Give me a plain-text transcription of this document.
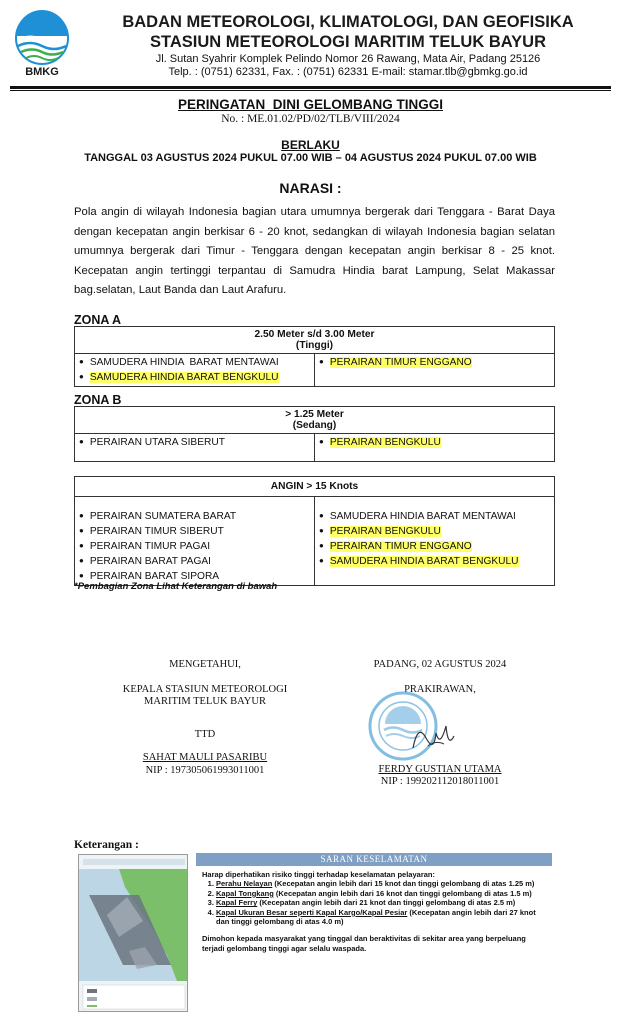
BMKG
BADAN METEOROLOGI, KLIMATOLOGI, DAN GEOFISIKA
STASIUN METEOROLOGI MARITIM TELUK BAYUR
Jl. Sutan Syahrir Komplek Pelindo Nomor 26 Rawang, Mata Air, Padang 25126
Telp. : (0751) 62331, Fax. : (0751) 62331 E-mail: stamar.tlb@gbmkg.go.id
PERINGATAN  DINI GELOMBANG TINGGI
No. : ME.01.02/PD/02/TLB/VIII/2024
BERLAKU
TANGGAL 03 AGUSTUS 2024 PUKUL 07.00 WIB – 04 AGUSTUS 2024 PUKUL 07.00 WIB
NARASI :
Pola angin di wilayah Indonesia bagian utara umumnya bergerak dari Tenggara - Barat Daya dengan kecepatan angin berkisar 6 - 20 knot, sedangkan di wilayah Indonesia bagian selatan umumnya bergerak dari Timur - Tenggara dengan kecepatan angin berkisar 8 - 25 knot. Kecepatan angin tertinggi terpantau di Samudra Hindia barat Lampung, Selat Makassar bag.selatan, Laut Banda dan Laut Arafuru.
ZONA A
2.50 Meter s/d 3.00 Meter
(Tinggi)

● SAMUDERA HINDIA  BARAT MENTAWAI
● SAMUDERA HINDIA BARAT BENGKULU

● PERAIRAN TIMUR ENGGANO
ZONA B
> 1.25 Meter
(Sedang)

● PERAIRAN UTARA SIBERUT

●PERAIRAN BENGKULU
ANGIN > 15 Knots

● PERAIRAN SUMATERA BARAT
● PERAIRAN TIMUR SIBERUT
● PERAIRAN TIMUR PAGAI
● PERAIRAN BARAT PAGAI
● PERAIRAN BARAT SIPORA

● SAMUDERA HINDIA BARAT MENTAWAI
● PERAIRAN BENGKULU
● PERAIRAN TIMUR ENGGANO
● SAMUDERA HINDIA BARAT BENGKULU
*Pembagian Zona Lihat Keterangan di bawah
MENGETAHUI,
KEPALA STASIUN METEOROLOGI
MARITIM TELUK BAYUR
TTD
SAHAT MAULI PASARIBU
NIP : 197305061993011001
PADANG, 02 AGUSTUS 2024
PRAKIRAWAN,
FERDY GUSTIAN UTAMA
NIP : 199202112018011001
Keterangan :
SARAN KESELAMATAN

Harap diperhatikan risiko tinggi terhadap keselamatan pelayaran:

1. Perahu Nelayan (Kecepatan angin lebih dari 15 knot dan tinggi gelombang di atas 1.25 m)
2. Kapal Tongkang (Kecepatan angin lebih dari 16 knot dan tinggi gelombang di atas 1.5 m)
3. Kapal Ferry (Kecepatan angin lebih dari 21 knot dan tinggi gelombang di atas 2.5 m)
4. Kapal Ukuran Besar seperti Kapal Kargo/Kapal Pesiar (Kecepatan angin lebih dari 27 knot dan tinggi gelombang di atas 4.0 m)

Dimohon kepada masyarakat yang tinggal dan beraktivitas di sekitar area yang berpeluang terjadi gelombang tinggi agar selalu waspada.
